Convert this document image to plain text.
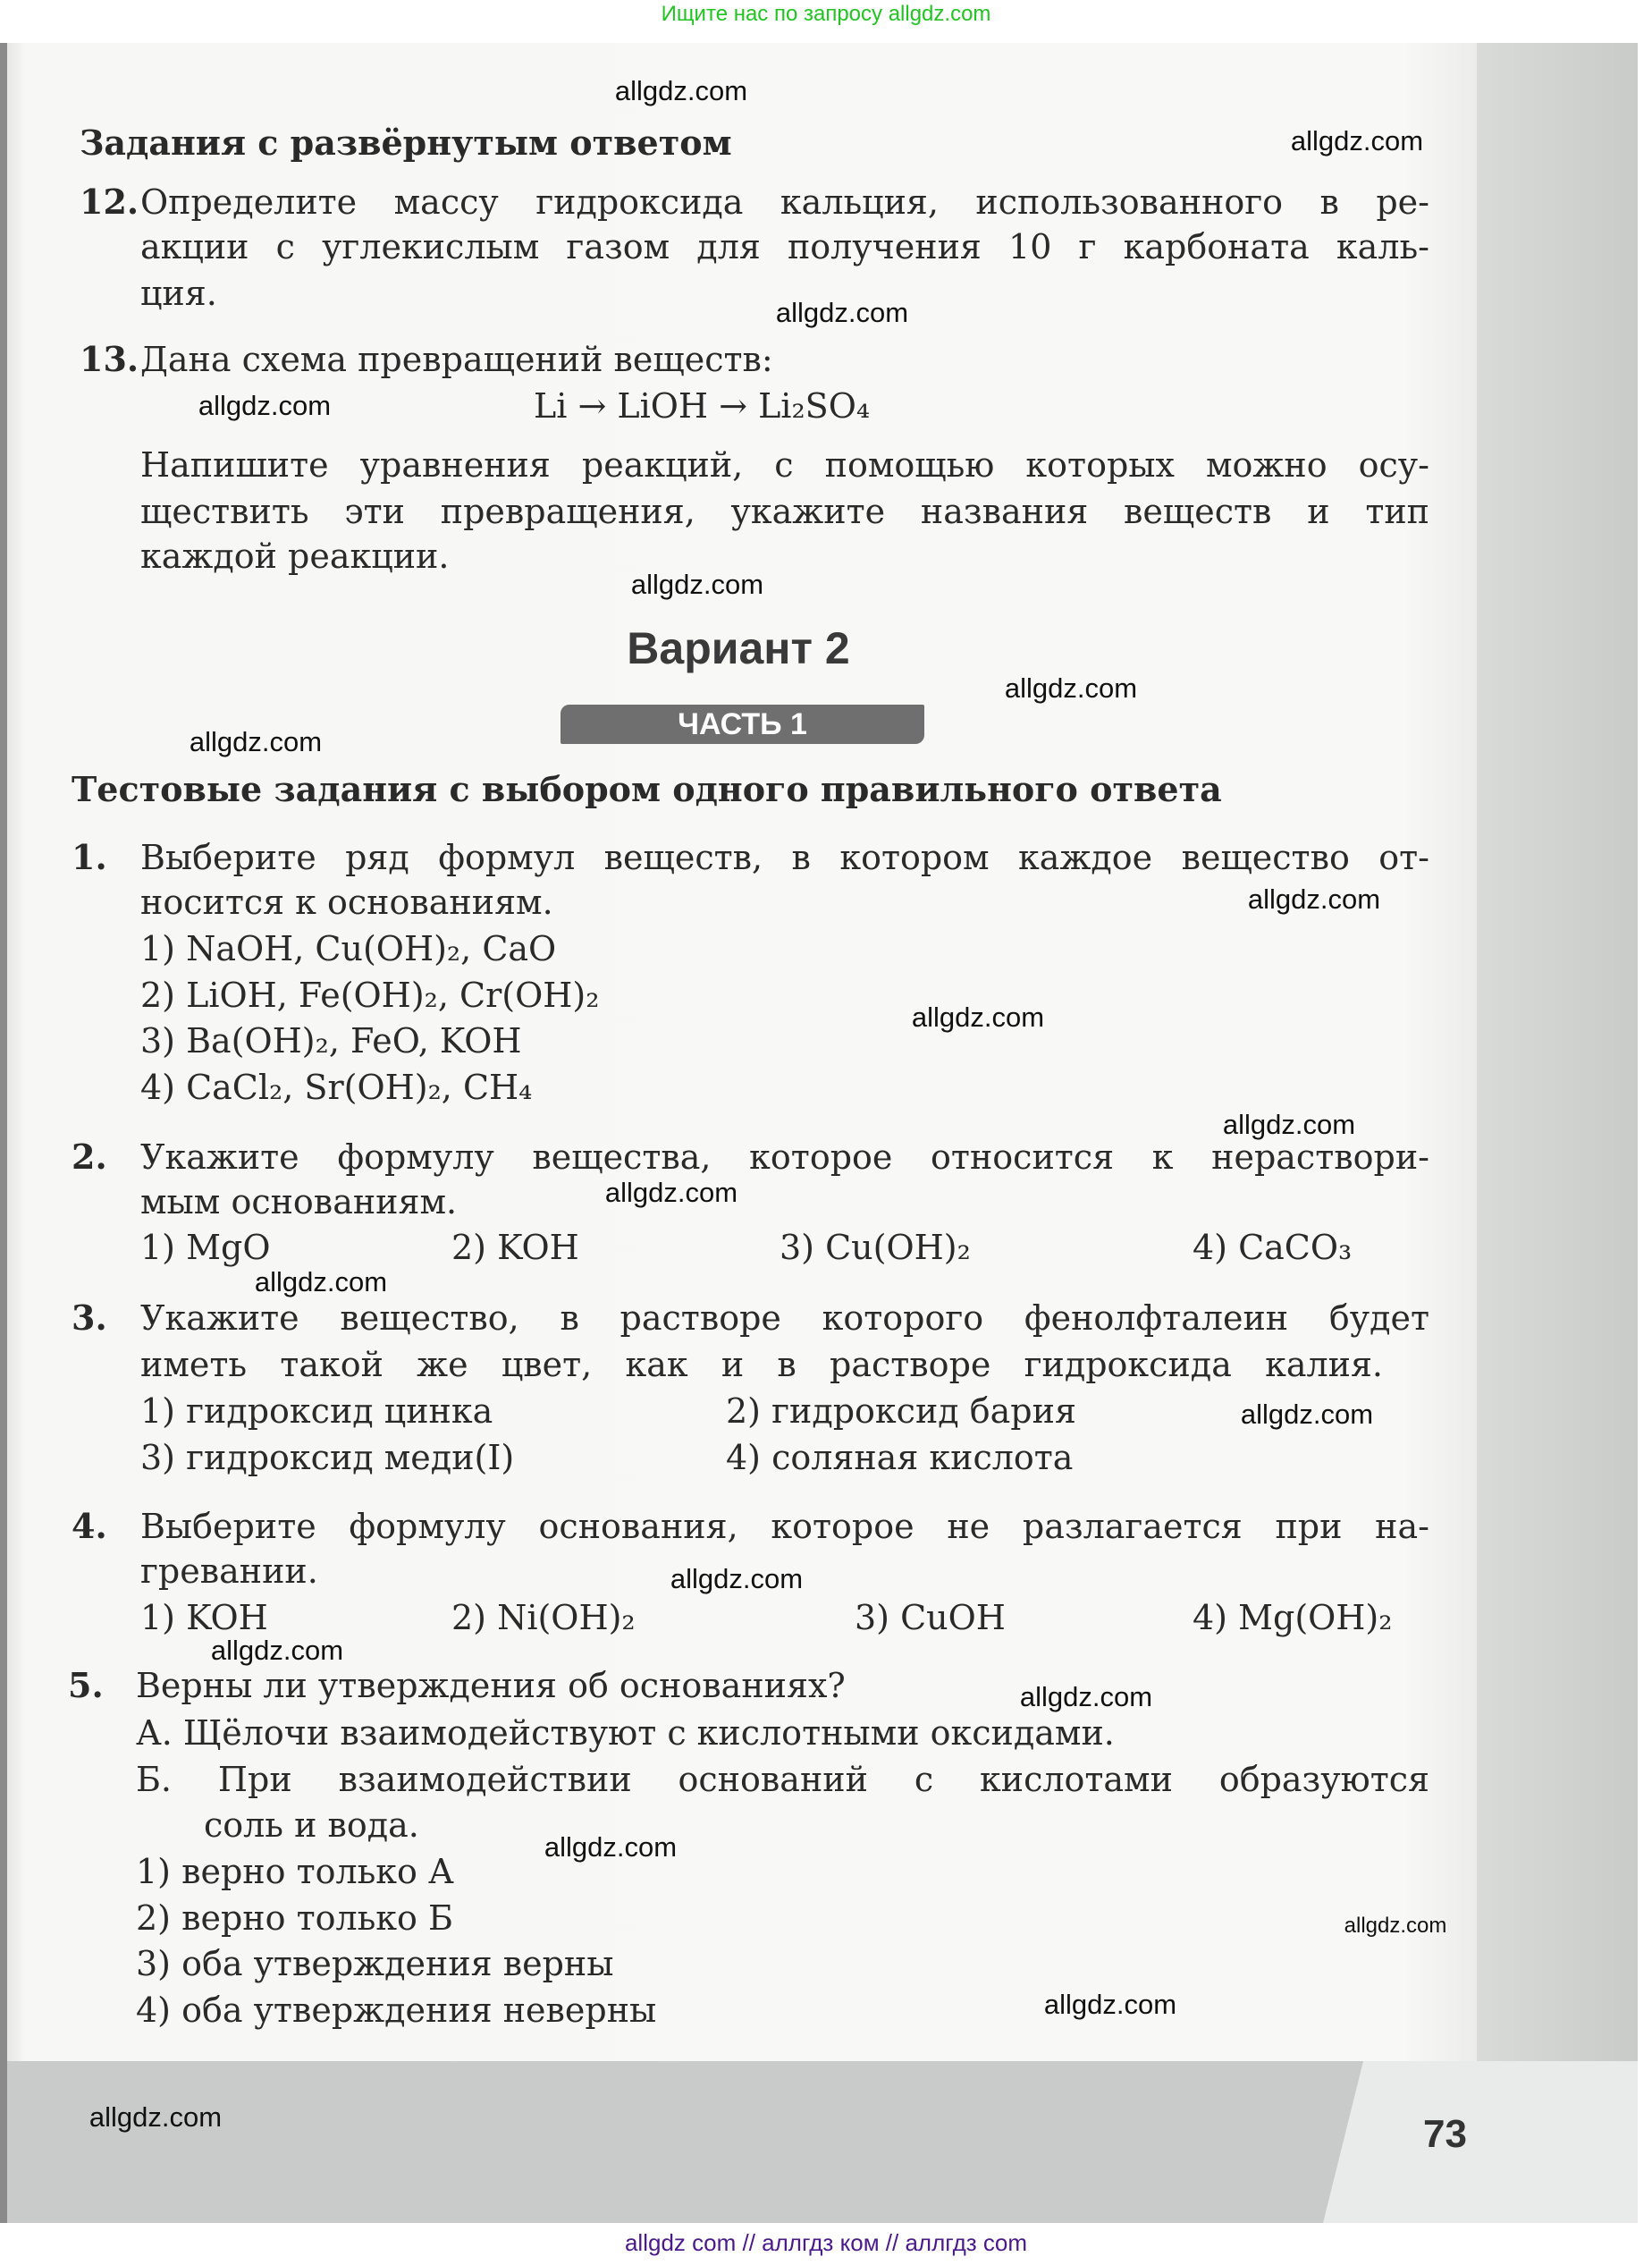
Ищите нас по запросу allgdz.com
Задания с развёрнутым ответом
12. Определите массу гидроксида кальция, использованного в ре-
акции с углекислым газом для получения 10 г карбоната каль-
ция.
13. Дана схема превращений веществ:
Li → LiOH → Li₂SO₄
Напишите уравнения реакций, с помощью которых можно осу-
ществить эти превращения, укажите названия веществ и тип
каждой реакции.
Вариант 2
ЧАСТЬ 1
Тестовые задания с выбором одного правильного ответа
1. Выберите ряд формул веществ, в котором каждое вещество от-
носится к основаниям.
1) NaOH, Cu(OH)₂, CaO
2) LiOH, Fe(OH)₂, Cr(OH)₂
3) Ba(OH)₂, FeO, KOH
4) CaCl₂, Sr(OH)₂, CH₄
2. Укажите формулу вещества, которое относится к нераствори-
мым основаниям.
1) MgO	2) KOH	3) Cu(OH)₂	4) CaCO₃
3. Укажите вещество, в растворе которого фенолфталеин будет
иметь такой же цвет, как и в растворе гидроксида калия.
1) гидроксид цинка	2) гидроксид бария
3) гидроксид меди(I)	4) соляная кислота
4. Выберите формулу основания, которое не разлагается при на-
гревании.
1) KOH	2) Ni(OH)₂	3) CuOH	4) Mg(OH)₂
5. Верны ли утверждения об основаниях?
А. Щёлочи взаимодействуют с кислотными оксидами.
Б. При взаимодействии оснований с кислотами образуются
соль и вода.
1) верно только А
2) верно только Б
3) оба утверждения верны
4) оба утверждения неверны
73
allgdz.com
allgdz.com
allgdz.com
allgdz.com
allgdz.com
allgdz.com
allgdz.com
allgdz.com
allgdz.com
allgdz.com
allgdz.com
allgdz.com
allgdz.com
allgdz.com
allgdz.com
allgdz.com
allgdz.com
allgdz.com
allgdz.com
allgdz.com
allgdz com // аллгдз ком // аллгдз com
